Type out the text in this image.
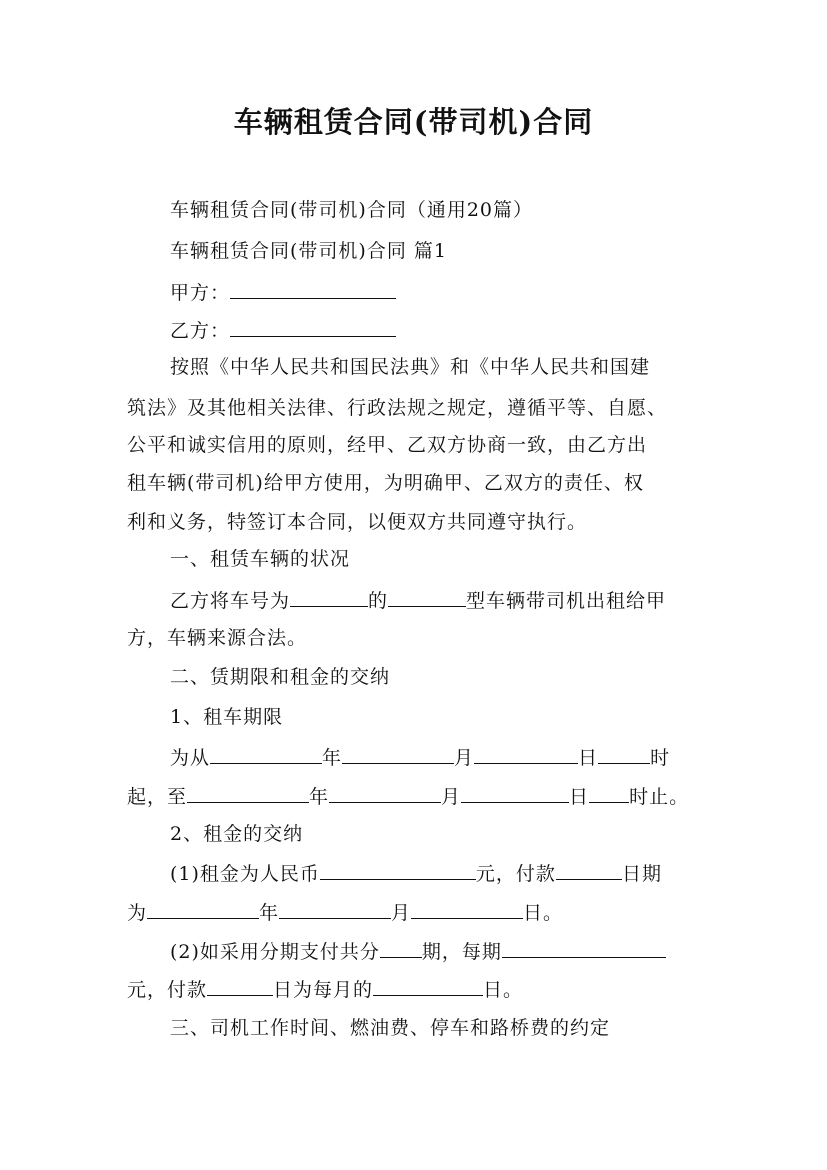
车辆租赁合同(带司机)合同
车辆租赁合同(带司机)合同（通用20篇）
车辆租赁合同(带司机)合同 篇1
甲方：
乙方：
按照《中华人民共和国民法典》和《中华人民共和国建
筑法》及其他相关法律、行政法规之规定，遵循平等、自愿、
公平和诚实信用的原则，经甲、乙双方协商一致，由乙方出
租车辆(带司机)给甲方使用，为明确甲、乙双方的责任、权
利和义务，特签订本合同，以便双方共同遵守执行。
一、租赁车辆的状况
乙方将车号为	的	型车辆带司机出租给甲
方，车辆来源合法。
二、赁期限和租金的交纳
1、租车期限
为从	年	月	日	时
起，至	年	月	日 时止。
2、租金的交纳
(1)租金为人民币	元，付款	日期
为	年	月	日。
(2)如采用分期支付共分 期，每期
元，付款	日为每月的	日。
三、司机工作时间、燃油费、停车和路桥费的约定
